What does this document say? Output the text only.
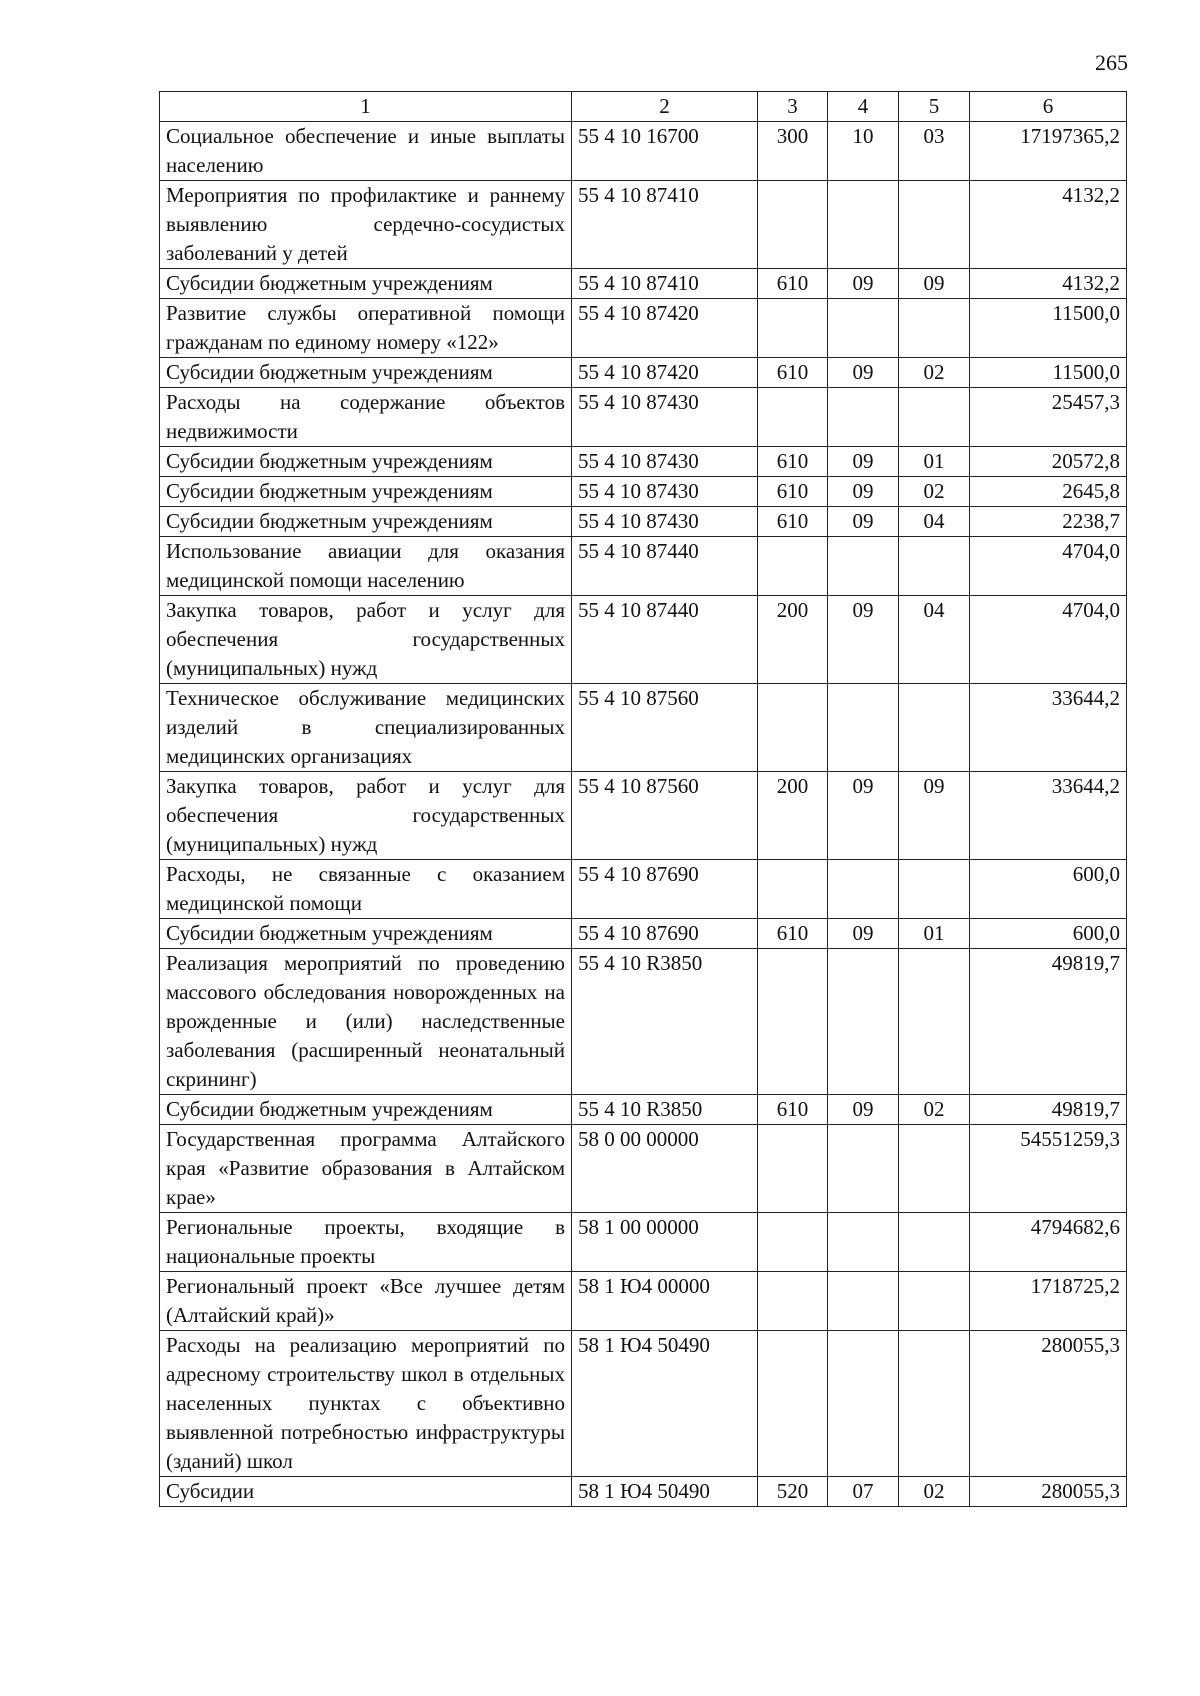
265
1	2	3	4	5	6
Социальное обеспечение и иные выплаты населению	55 4 10 16700	300	10	03	17197365,2
Мероприятия по профилактике и раннему выявлению сердечно-сосудистых заболеваний у детей	55 4 10 87410				4132,2
Субсидии бюджетным учреждениям	55 4 10 87410	610	09	09	4132,2
Развитие службы оперативной помощи гражданам по единому номеру «122»	55 4 10 87420				11500,0
Субсидии бюджетным учреждениям	55 4 10 87420	610	09	02	11500,0
Расходы на содержание объектов недвижимости	55 4 10 87430				25457,3
Субсидии бюджетным учреждениям	55 4 10 87430	610	09	01	20572,8
Субсидии бюджетным учреждениям	55 4 10 87430	610	09	02	2645,8
Субсидии бюджетным учреждениям	55 4 10 87430	610	09	04	2238,7
Использование авиации для оказания медицинской помощи населению	55 4 10 87440				4704,0
Закупка товаров, работ и услуг для обеспечения государственных (муниципальных) нужд	55 4 10 87440	200	09	04	4704,0
Техническое обслуживание медицинских изделий в специализированных медицинских организациях	55 4 10 87560				33644,2
Закупка товаров, работ и услуг для обеспечения государственных (муниципальных) нужд	55 4 10 87560	200	09	09	33644,2
Расходы, не связанные с оказанием медицинской помощи	55 4 10 87690				600,0
Субсидии бюджетным учреждениям	55 4 10 87690	610	09	01	600,0
Реализация мероприятий по проведению массового обследования новорожденных на врожденные и (или) наследственные заболевания (расширенный неонатальный скрининг)	55 4 10 R3850				49819,7
Субсидии бюджетным учреждениям	55 4 10 R3850	610	09	02	49819,7
Государственная программа Алтайского края «Развитие образования в Алтайском крае»	58 0 00 00000				54551259,3
Региональные проекты, входящие в национальные проекты	58 1 00 00000				4794682,6
Региональный проект «Все лучшее детям (Алтайский край)»	58 1 Ю4 00000				1718725,2
Расходы на реализацию мероприятий по адресному строительству школ в отдельных населенных пунктах с объективно выявленной потребностью инфраструктуры (зданий) школ	58 1 Ю4 50490				280055,3
Субсидии	58 1 Ю4 50490	520	07	02	280055,3
